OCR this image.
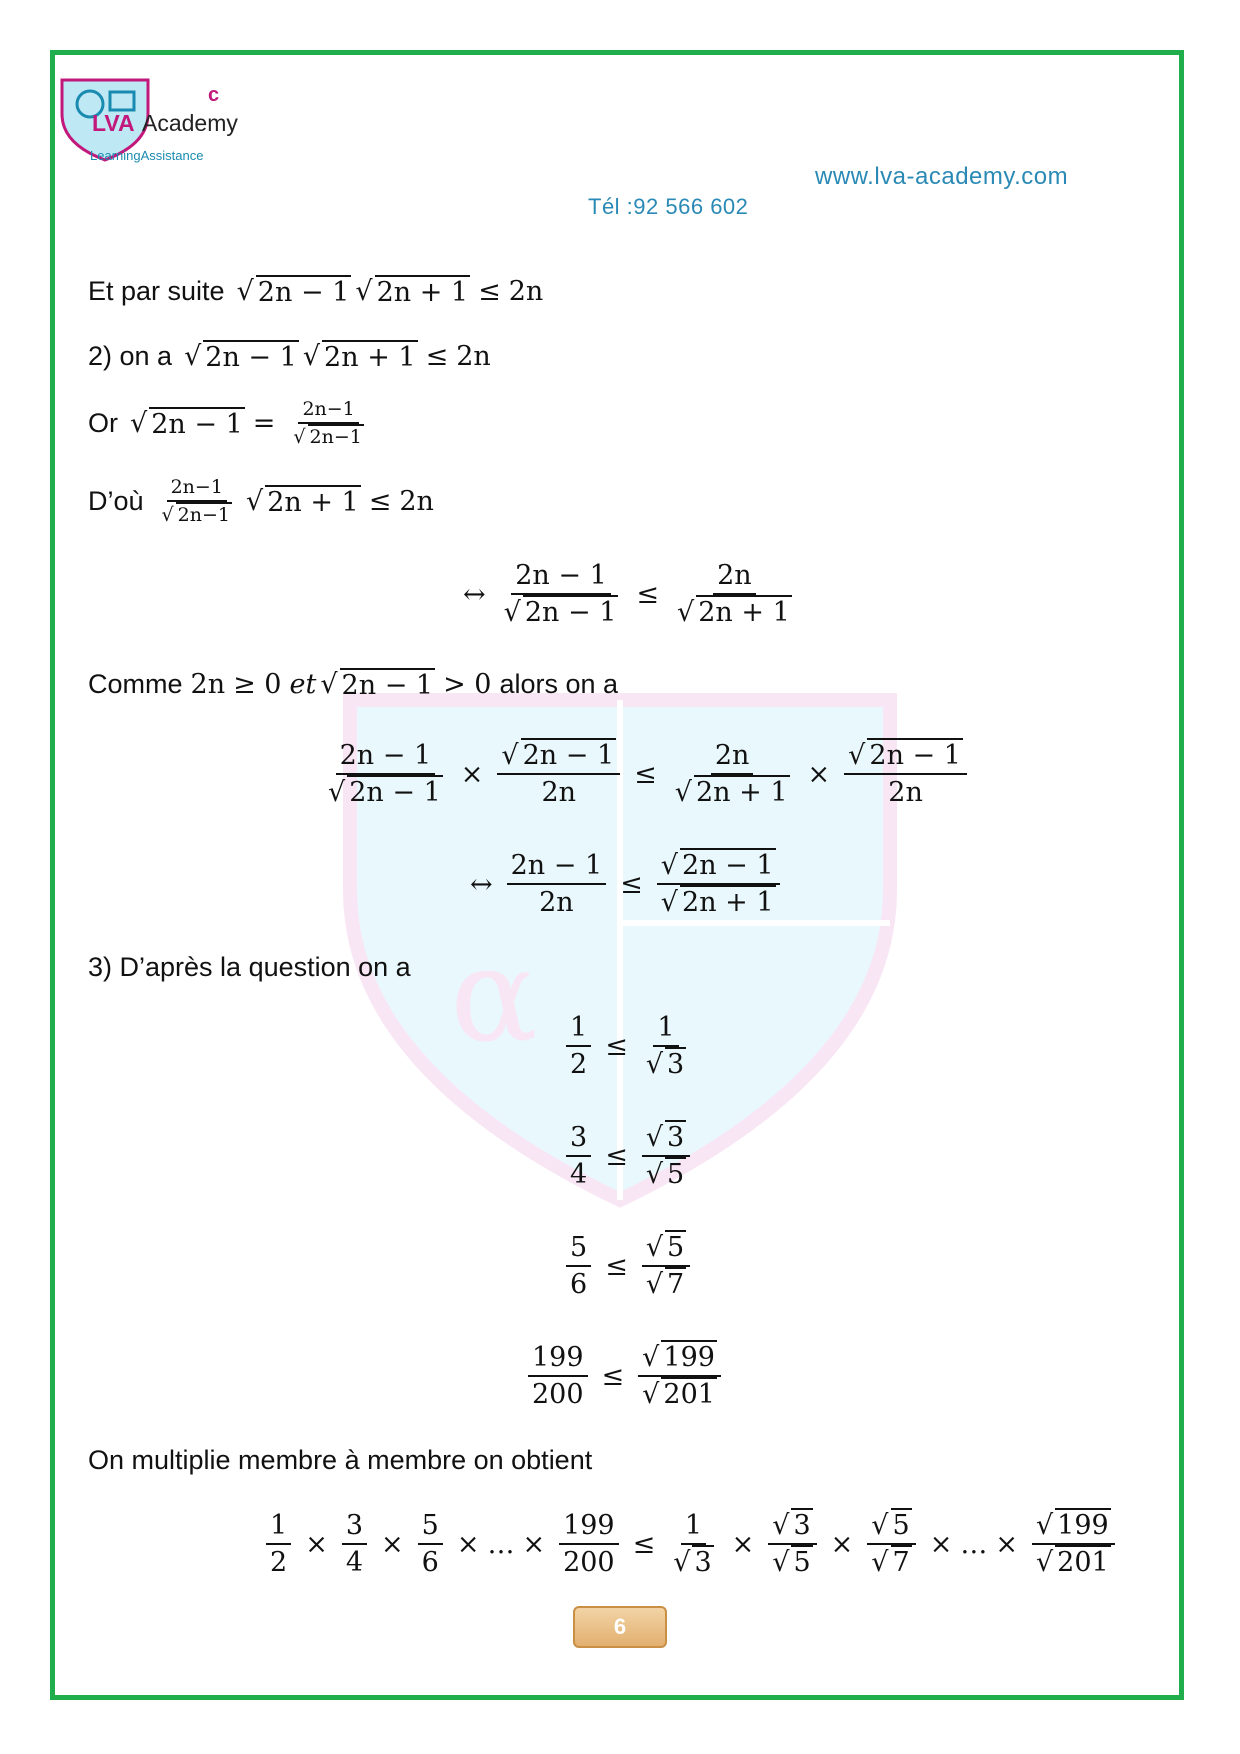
α
c
LVA Academy
LearningAssistance
www.lva-academy.com
Tél :92 566 602
Et par suite √ 2n − 1 √ 2n + 1 ≤ 2n
2) on a √ 2n − 1 √ 2n + 1 ≤ 2n
Or √ $2n - 1 = \frac{2n-1}{√ 2n-1}$
D’où $\frac{2n-1}{√ 2n-1}$ √ 2n + 1 ≤ 2n
↔ $\frac{2n - 1}{√ 2n - 1} \le \frac{2n}{√ 2n + 1}$
Comme 2n ≥ 0 et √ 2n − 1 > 0 alors on a
$\frac{2n - 1}{√ 2n - 1} \times \frac{√ 2n - 1}{2n} \le \frac{2n}{√ 2n + 1} \times \frac{√ 2n - 1}{2n}$
↔ $\frac{2n - 1}{2n} \le \frac{√ 2n - 1}{√ 2n + 1}$
3) D’après la question on a
$\frac{1}{2} \le \frac{1}{√ 3}$
$\frac{3}{4} \le \frac{√ 3}{√ 5}$
$\frac{5}{6} \le \frac{√ 5}{√ 7}$
$\frac{199}{200} \le \frac{√ 199}{√ 201}$
On multiplie membre à membre on obtient
$\frac{1}{2} \times \frac{3}{4} \times \frac{5}{6}$ × … × $\frac{199}{200} \le \frac{1}{√ 3} \times \frac{√ 3}{√ 5} \times \frac{√ 5}{√ 7}$ × … × $\frac{√ 199}{√ 201}$
6
